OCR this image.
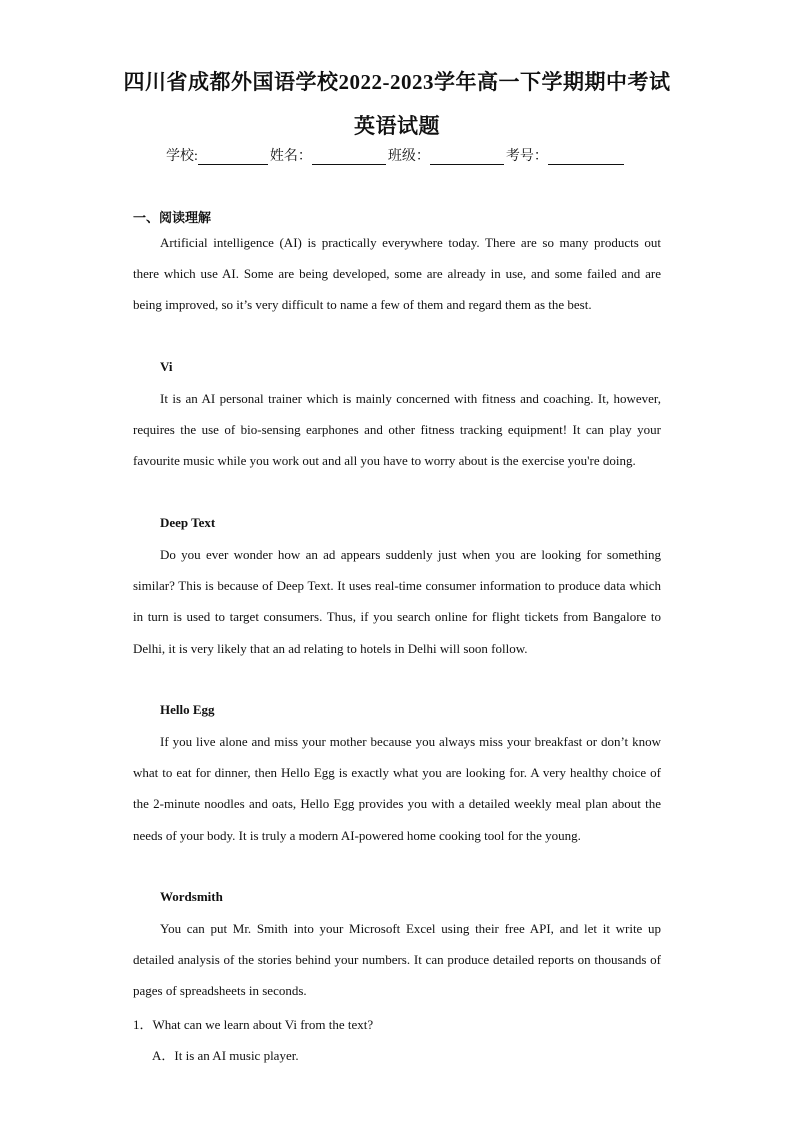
四川省成都外国语学校2022-2023学年高一下学期期中考试
英语试题
学校:	姓名：	班级：	考号：
一、阅读理解

Artificial intelligence (AI) is practically everywhere today. There are so many products out there which use AI. Some are being developed, some are already in use, and some failed and are being improved, so it’s very difficult to name a few of them and regard them as the best.

Vi

It is an AI personal trainer which is mainly concerned with fitness and coaching. It, however, requires the use of bio-sensing earphones and other fitness tracking equipment! It can play your favourite music while you work out and all you have to worry about is the exercise you're doing.

Deep Text

Do you ever wonder how an ad appears suddenly just when you are looking for something similar? This is because of Deep Text. It uses real-time consumer information to produce data which in turn is used to target consumers. Thus, if you search online for flight tickets from Bangalore to Delhi, it is very likely that an ad relating to hotels in Delhi will soon follow.

Hello Egg

If you live alone and miss your mother because you always miss your breakfast or don’t know what to eat for dinner, then Hello Egg is exactly what you are looking for. A very healthy choice of the 2-minute noodles and oats, Hello Egg provides you with a detailed weekly meal plan about the needs of your body. It is truly a modern AI-powered home cooking tool for the young.

Wordsmith

You can put Mr. Smith into your Microsoft Excel using their free API, and let it write up detailed analysis of the stories behind your numbers. It can produce detailed reports on thousands of pages of spreadsheets in seconds.

1．What can we learn about Vi from the text?
A．It is an AI music player.
